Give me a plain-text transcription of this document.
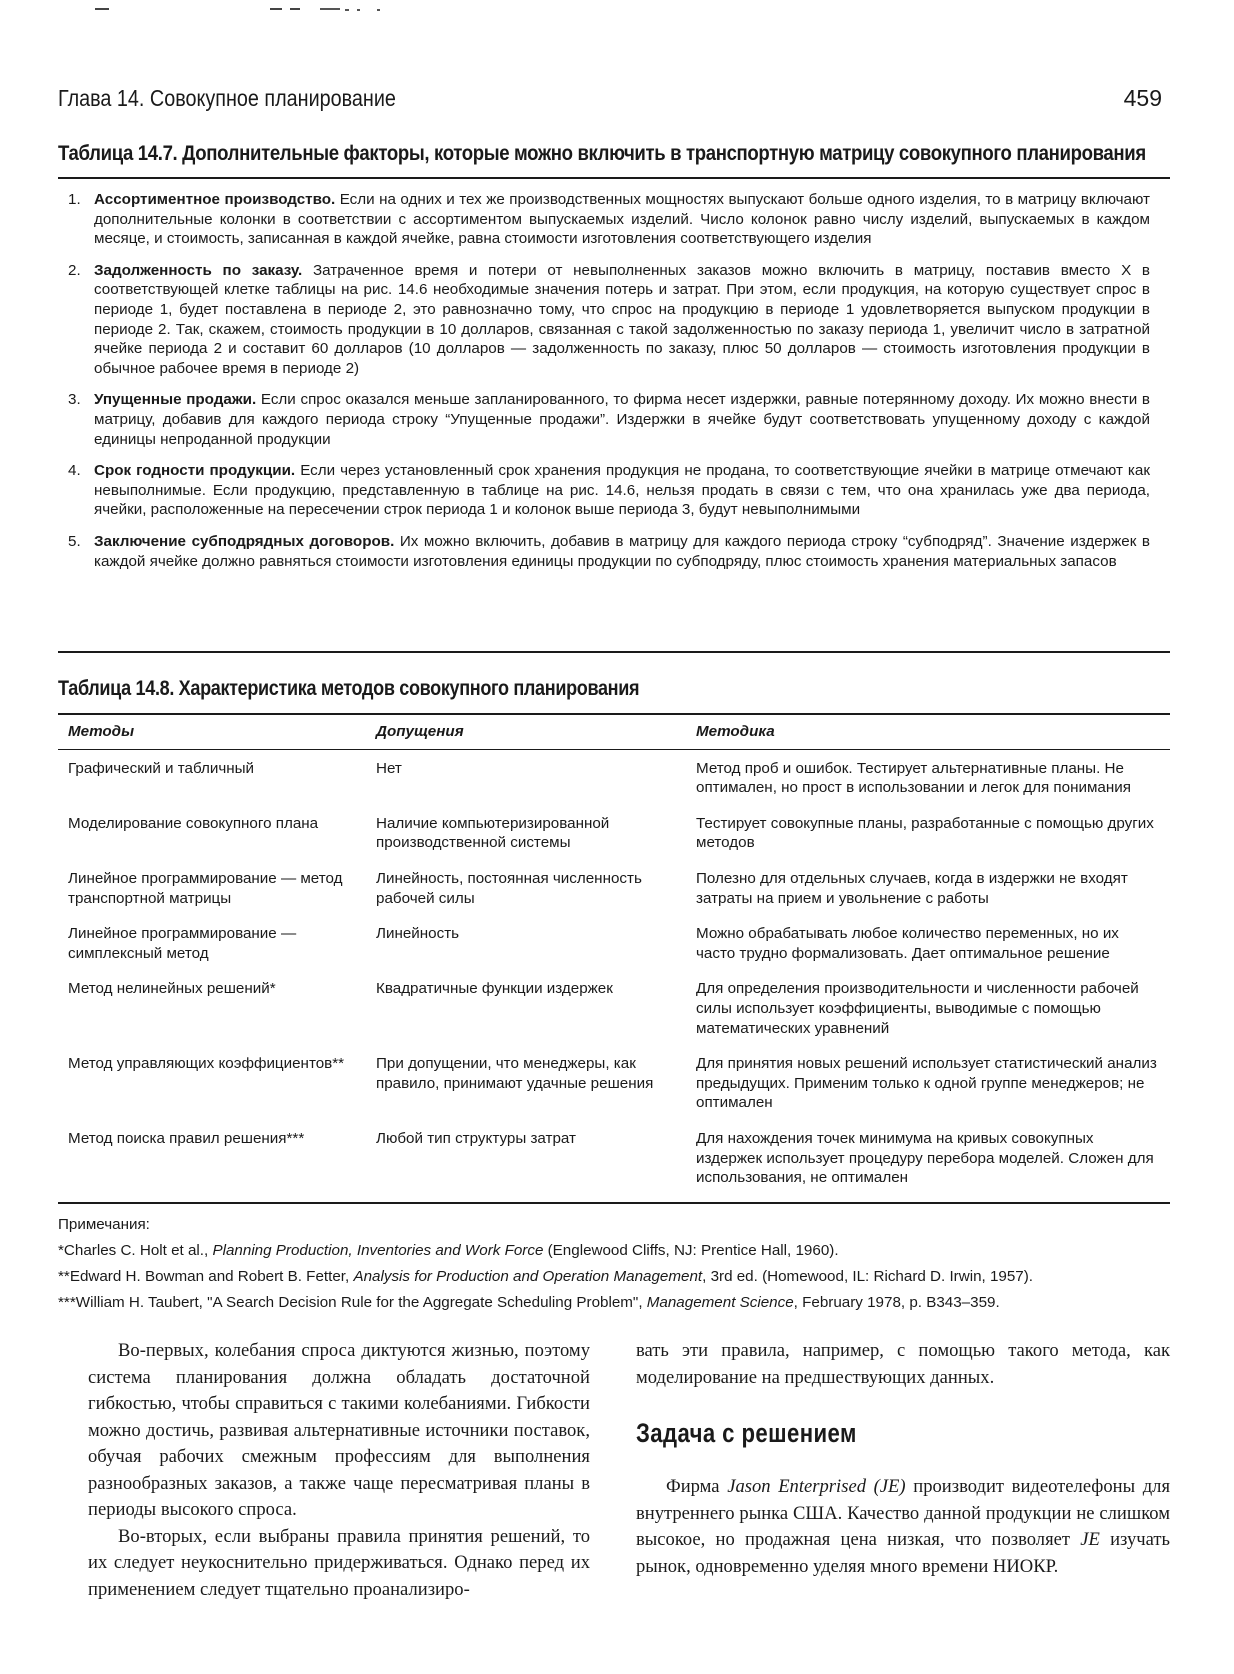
Глава 14. Совокупное планирование	459
Таблица 14.7. Дополнительные факторы, которые можно включить в транспортную матрицу совокупного планирования
1. Ассортиментное производство. Если на одних и тех же производственных мощностях выпускают больше одного изделия, то в матрицу включают дополнительные колонки в соответствии с ассортиментом выпускаемых изделий. Число колонок равно числу изделий, выпускаемых в каждом месяце, и стоимость, записанная в каждой ячейке, равна стоимости изготовления соответствующего изделия
2. Задолженность по заказу. Затраченное время и потери от невыполненных заказов можно включить в матрицу, поставив вместо X в соответствующей клетке таблицы на рис. 14.6 необходимые значения потерь и затрат. При этом, если продукция, на которую существует спрос в периоде 1, будет поставлена в периоде 2, это равнозначно тому, что спрос на продукцию в периоде 1 удовлетворяется выпуском продукции в периоде 2. Так, скажем, стоимость продукции в 10 долларов, связанная с такой задолженностью по заказу периода 1, увеличит число в затратной ячейке периода 2 и составит 60 долларов (10 долларов — задолженность по заказу, плюс 50 долларов — стоимость изготовления продукции в обычное рабочее время в периоде 2)
3. Упущенные продажи. Если спрос оказался меньше запланированного, то фирма несет издержки, равные потерянному доходу. Их можно внести в матрицу, добавив для каждого периода строку “Упущенные продажи”. Издержки в ячейке будут соответствовать упущенному доходу с каждой единицы непроданной продукции
4. Срок годности продукции. Если через установленный срок хранения продукция не продана, то соответствующие ячейки в матрице отмечают как невыполнимые. Если продукцию, представленную в таблице на рис. 14.6, нельзя продать в связи с тем, что она хранилась уже два периода, ячейки, расположенные на пересечении строк периода 1 и колонок выше периода 3, будут невыполнимыми
5. Заключение субподрядных договоров. Их можно включить, добавив в матрицу для каждого периода строку “субподряд”. Значение издержек в каждой ячейке должно равняться стоимости изготовления единицы продукции по субподряду, плюс стоимость хранения материальных запасов
Таблица 14.8. Характеристика методов совокупного планирования
Методы	Допущения	Методика
Графический и табличный	Нет	Метод проб и ошибок. Тестирует альтернативные планы. Не оптимален, но прост в использовании и легок для понимания
Моделирование совокупного плана	Наличие компьютеризированной производственной системы	Тестирует совокупные планы, разработанные с помощью других методов
Линейное программирование — метод транспортной матрицы	Линейность, постоянная численность рабочей силы	Полезно для отдельных случаев, когда в издержки не входят затраты на прием и увольнение с работы
Линейное программирование — симплексный метод	Линейность	Можно обрабатывать любое количество переменных, но их часто трудно формализовать. Дает оптимальное решение
Метод нелинейных решений*	Квадратичные функции издержек	Для определения производительности и численности рабочей силы использует коэффициенты, выводимые с помощью математических уравнений
Метод управляющих коэффициентов**	При допущении, что менеджеры, как правило, принимают удачные решения	Для принятия новых решений использует статистический анализ предыдущих. Применим только к одной группе менеджеров; не оптимален
Метод поиска правил решения***	Любой тип структуры затрат	Для нахождения точек минимума на кривых совокупных издержек использует процедуру перебора моделей. Сложен для использования, не оптимален
Примечания:
*Charles C. Holt et al., Planning Production, Inventories and Work Force (Englewood Cliffs, NJ: Prentice Hall, 1960).
**Edward H. Bowman and Robert B. Fetter, Analysis for Production and Operation Management, 3rd ed. (Homewood, IL: Richard D. Irwin, 1957).
***William H. Taubert, "A Search Decision Rule for the Aggregate Scheduling Problem", Management Science, February 1978, p. B343–359.

Во-первых, колебания спроса диктуются жизнью, поэтому система планирования должна обладать достаточной гибкостью, чтобы справиться с такими колебаниями. Гибкости можно достичь, развивая альтернативные источники поставок, обучая рабочих смежным профессиям для выполнения разнообразных заказов, а также чаще пересматривая планы в периоды высокого спроса.

Во-вторых, если выбраны правила принятия решений, то их следует неукоснительно придерживаться. Однако перед их применением следует тщательно проанализиро-

вать эти правила, например, с помощью такого метода, как моделирование на предшествующих данных.

Задача с решением

Фирма Jason Enterprised (JE) производит видеотелефоны для внутреннего рынка США. Качество данной продукции не слишком высокое, но продажная цена низкая, что позволяет JE изучать рынок, одновременно уделяя много времени НИОКР.
